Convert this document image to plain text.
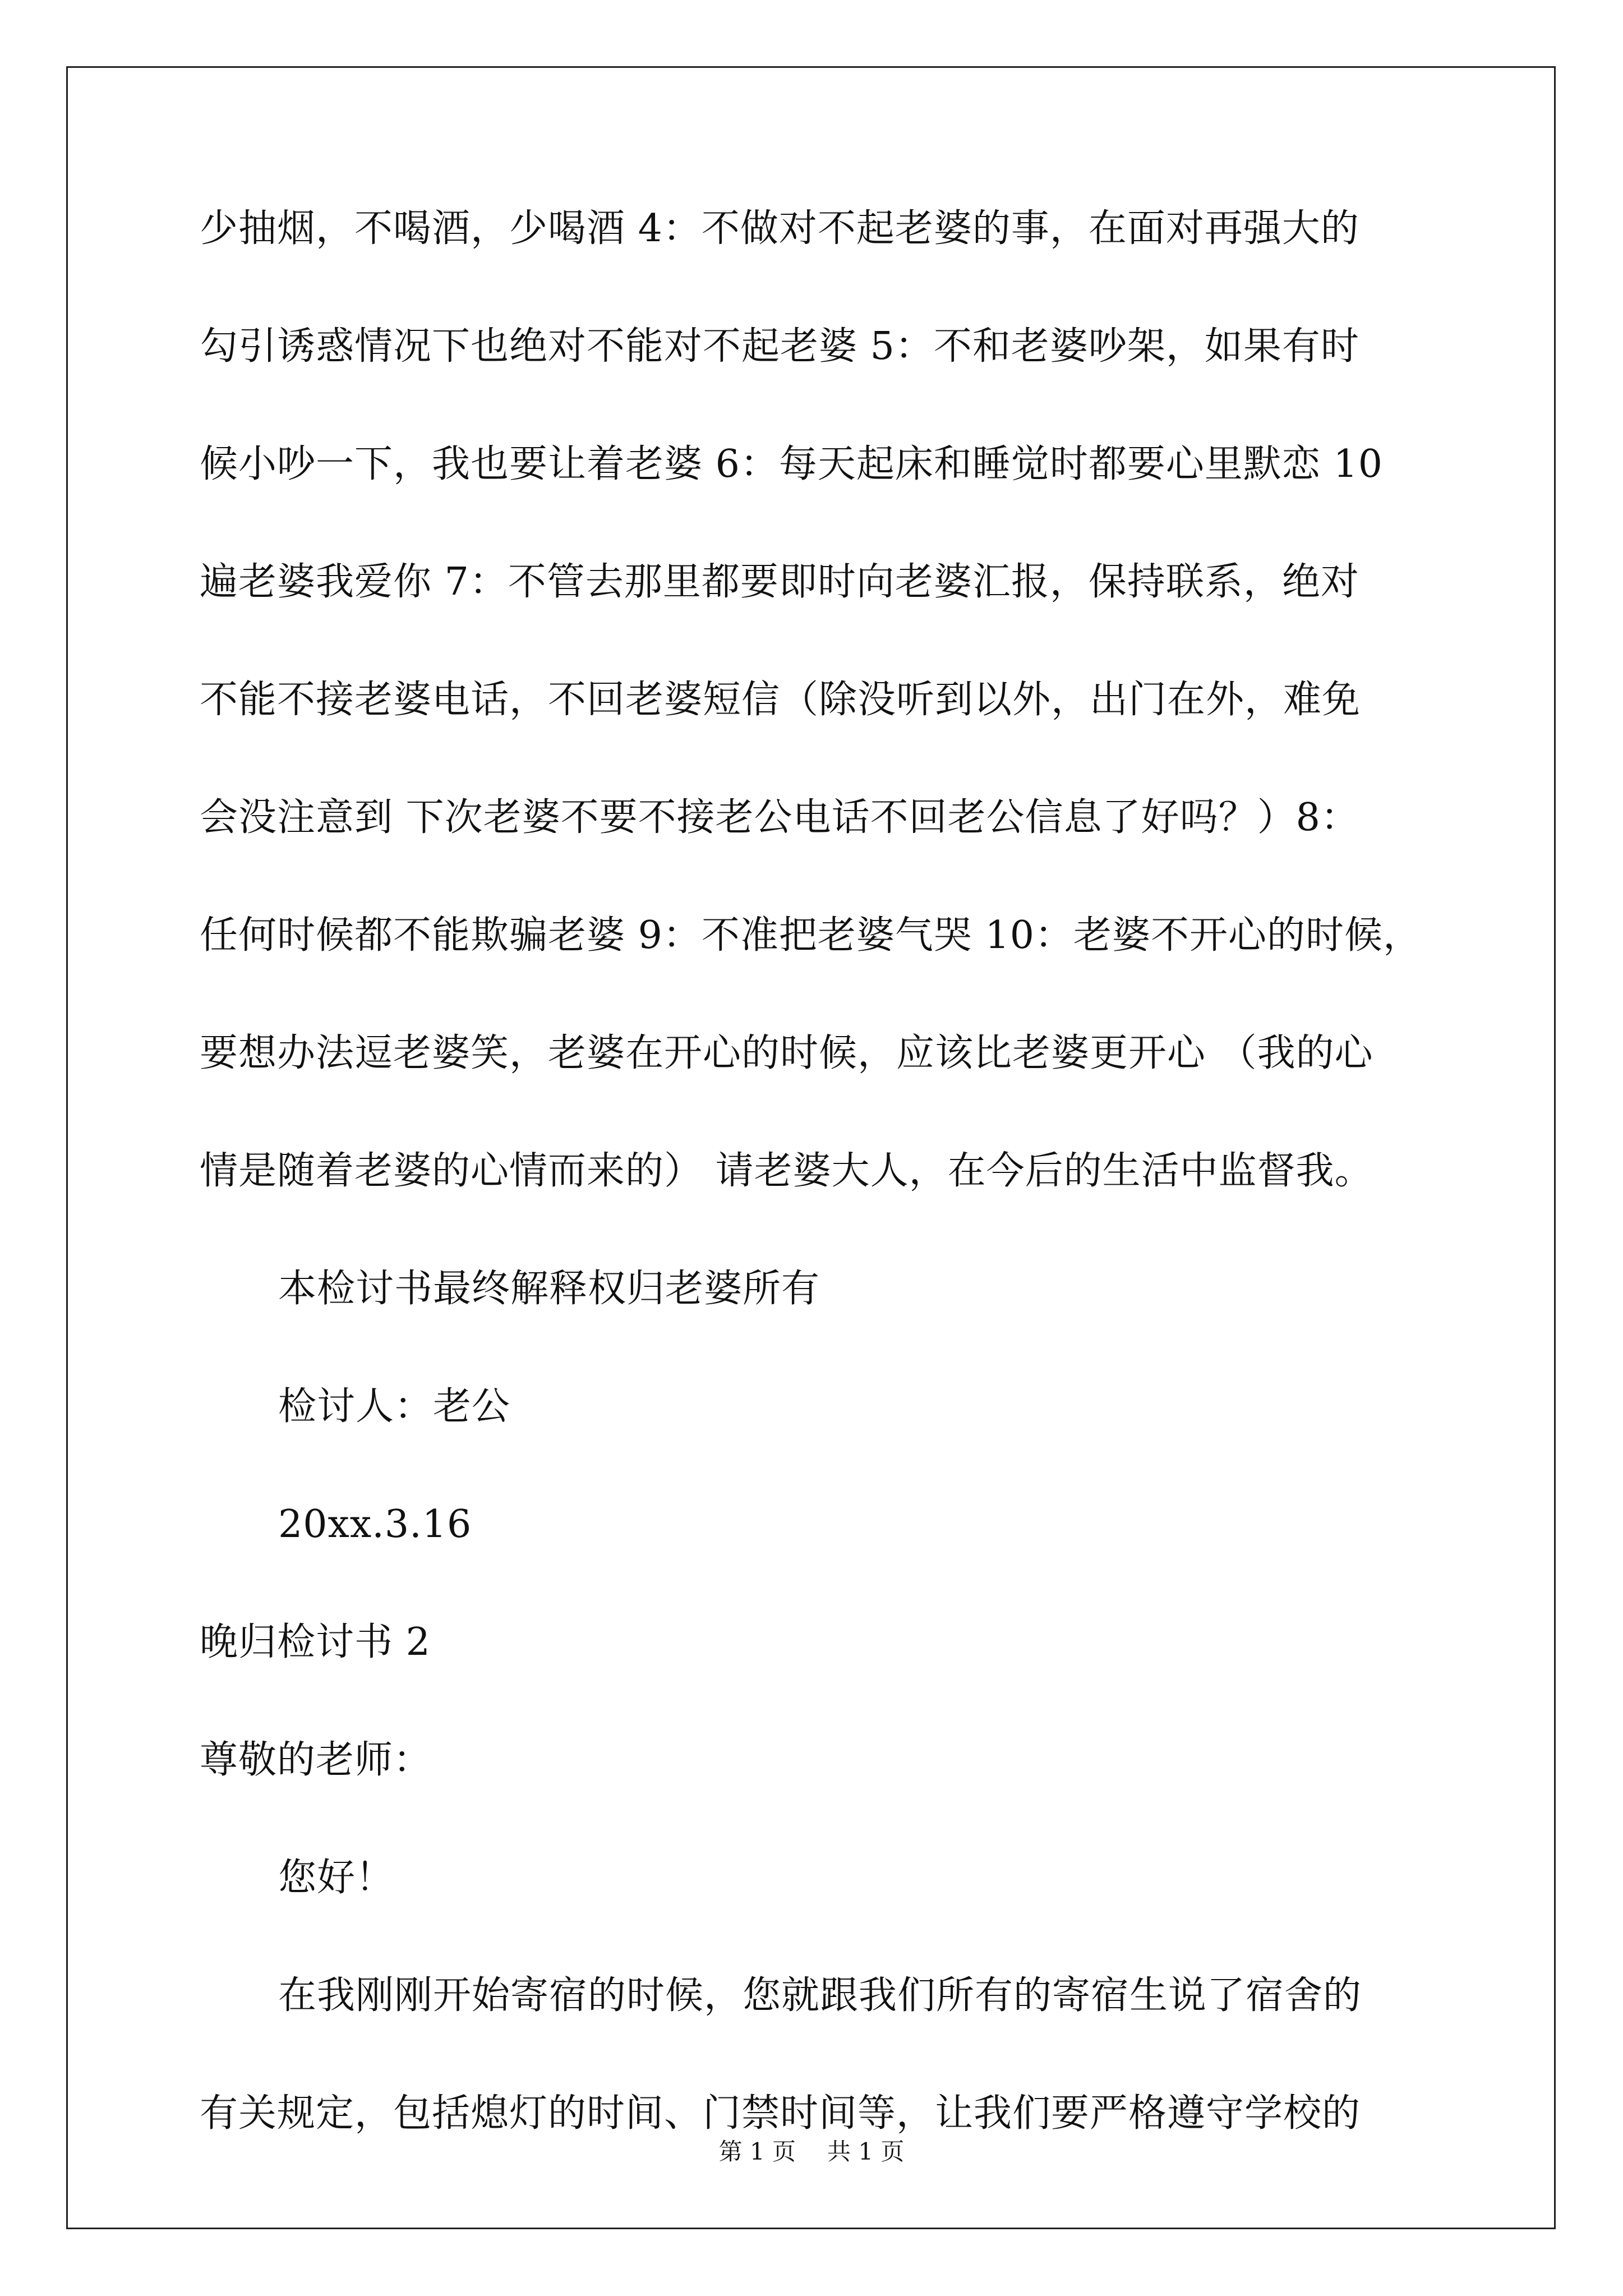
少抽烟，不喝酒，少喝酒 4：不做对不起老婆的事，在面对再强大的
勾引诱惑情况下也绝对不能对不起老婆 5：不和老婆吵架，如果有时
候小吵一下，我也要让着老婆 6：每天起床和睡觉时都要心里默恋 10
遍老婆我爱你 7：不管去那里都要即时向老婆汇报，保持联系，绝对
不能不接老婆电话，不回老婆短信（除没听到以外，出门在外，难免
会没注意到 下次老婆不要不接老公电话不回老公信息了好吗？）8：
任何时候都不能欺骗老婆 9：不准把老婆气哭 10：老婆不开心的时候，
要想办法逗老婆笑，老婆在开心的时候，应该比老婆更开心 （我的心
情是随着老婆的心情而来的） 请老婆大人，在今后的生活中监督我。
本检讨书最终解释权归老婆所有
检讨人：老公
20xx.3.16
晚归检讨书 2
尊敬的老师：
您好！
在我刚刚开始寄宿的时候，您就跟我们所有的寄宿生说了宿舍的
有关规定，包括熄灯的时间、门禁时间等，让我们要严格遵守学校的
第 1 页 共 1 页
